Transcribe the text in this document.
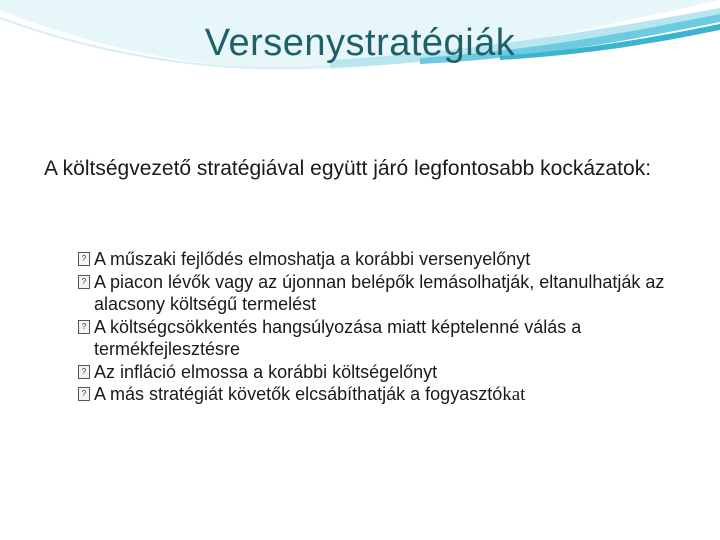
Versenystratégiák
A költségvezető stratégiával együtt járó legfontosabb kockázatok:
? A műszaki fejlődés elmoshatja a korábbi versenyelőnyt
? A piacon lévők vagy az újonnan belépők lemásolhatják, eltanulhatják az alacsony költségű termelést
? A költségcsökkentés hangsúlyozása miatt képtelenné válás a termékfejlesztésre
? Az infláció elmossa a korábbi költségelőnyt
? A más stratégiát követők elcsábíthatják a fogyasztókat
